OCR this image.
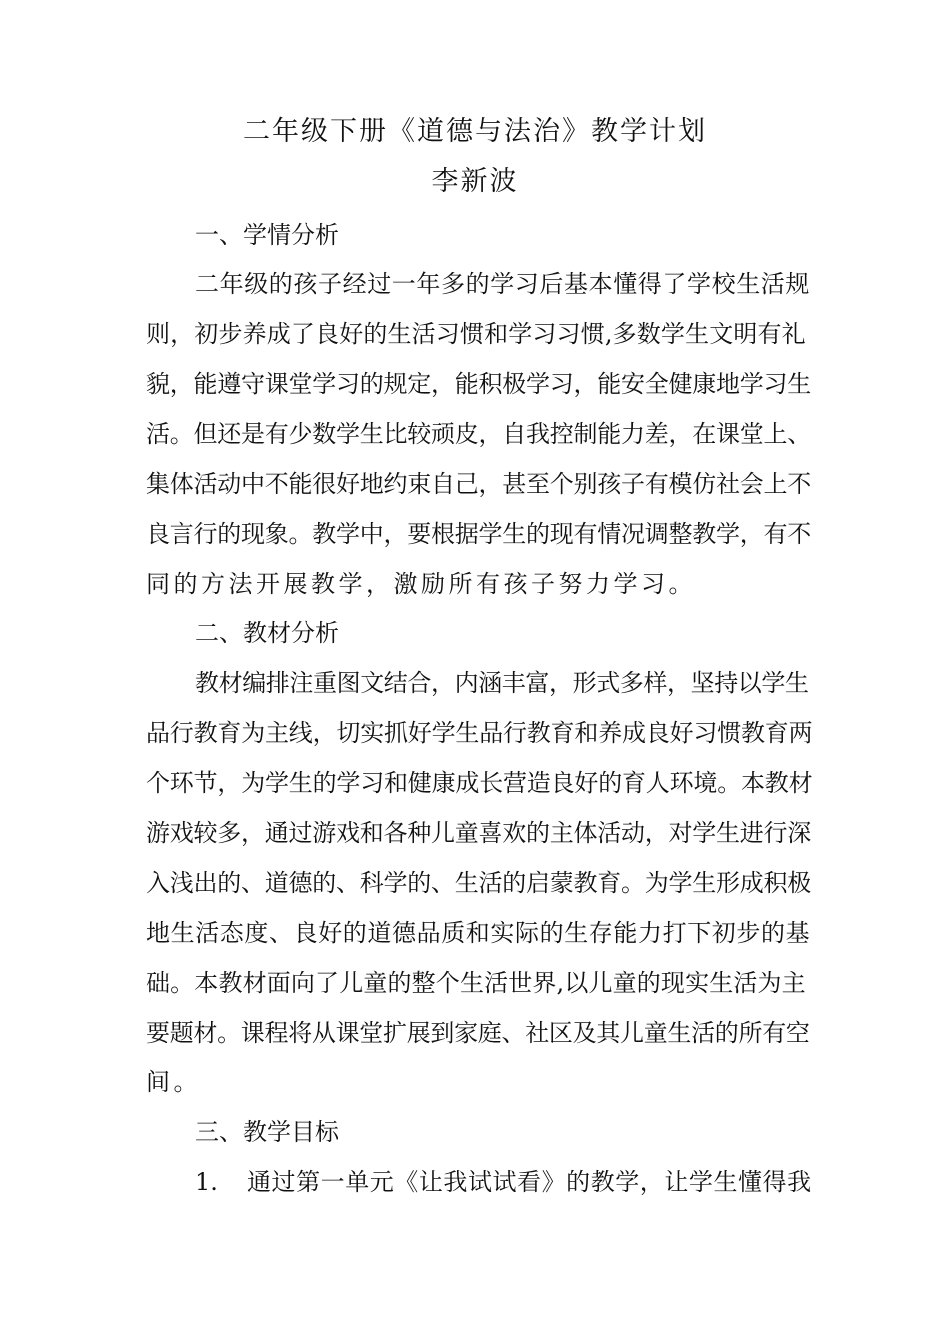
二年级下册《道德与法治》教学计划
李新波
一、学情分析
二年级的孩子经过一年多的学习后基本懂得了学校生活规
则，初步养成了良好的生活习惯和学习习惯,多数学生文明有礼
貌，能遵守课堂学习的规定，能积极学习，能安全健康地学习生
活。但还是有少数学生比较顽皮，自我控制能力差，在课堂上、
集体活动中不能很好地约束自己，甚至个别孩子有模仿社会上不
良言行的现象。教学中，要根据学生的现有情况调整教学，有不
同的方法开展教学，激励所有孩子努力学习。
二、教材分析
教材编排注重图文结合，内涵丰富，形式多样，坚持以学生
品行教育为主线，切实抓好学生品行教育和养成良好习惯教育两
个环节，为学生的学习和健康成长营造良好的育人环境。本教材
游戏较多，通过游戏和各种儿童喜欢的主体活动，对学生进行深
入浅出的、道德的、科学的、生活的启蒙教育。为学生形成积极
地生活态度、良好的道德品质和实际的生存能力打下初步的基
础。本教材面向了儿童的整个生活世界,以儿童的现实生活为主
要题材。课程将从课堂扩展到家庭、社区及其儿童生活的所有空
间。
三、教学目标
1. 通过第一单元《让我试试看》的教学，让学生懂得我
